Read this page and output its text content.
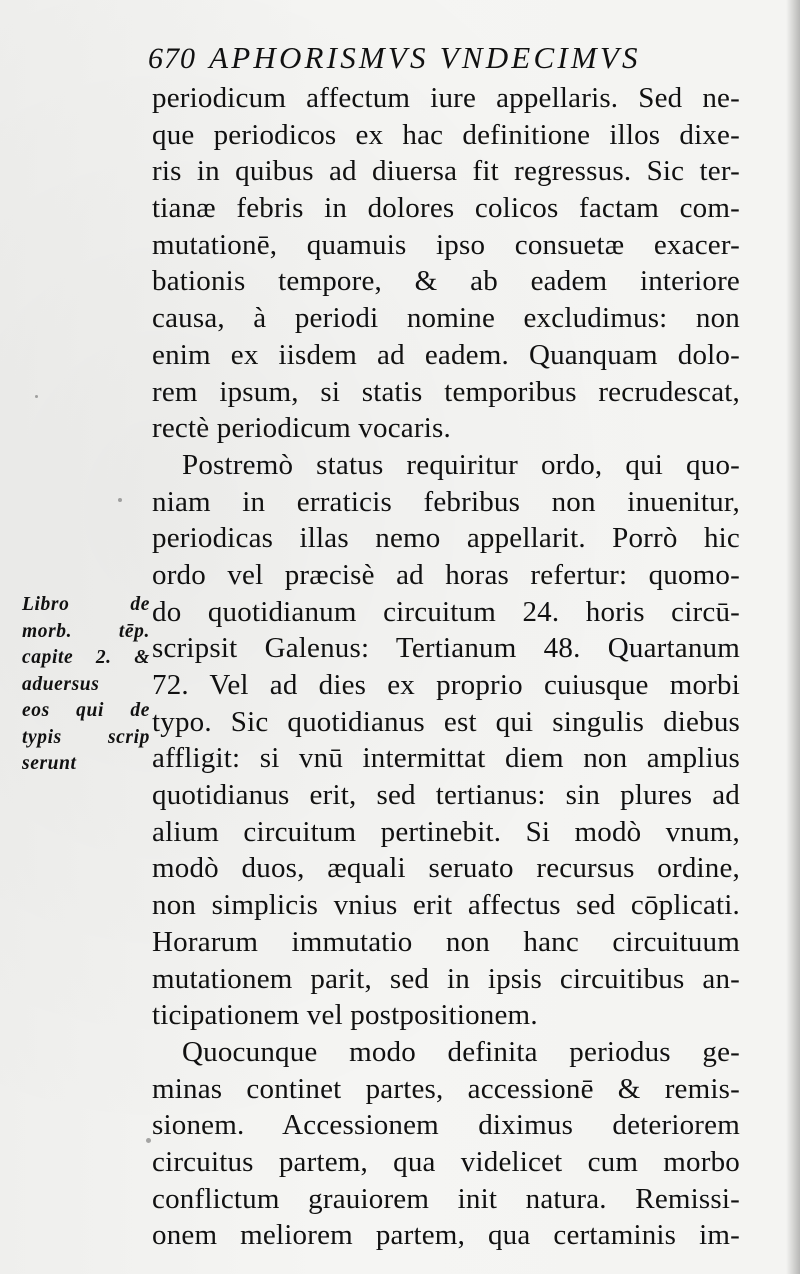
670 APHORISMVS VNDECIMVS
periodicum affectum iure appellaris. Sed ne-
que periodicos ex hac definitione illos dixe-
ris in quibus ad diuersa fit regressus. Sic ter-
tianæ febris in dolores colicos factam com-
mutationē, quamuis ipso consuetæ exacer-
bationis tempore, & ab eadem interiore
causa, à periodi nomine excludimus: non
enim ex iisdem ad eadem. Quanquam dolo-
rem ipsum, si statis temporibus recrudescat,
rectè periodicum vocaris.
Postremò status requiritur ordo, qui quo-
niam in erraticis febribus non inuenitur,
periodicas illas nemo appellarit. Porrò hic
ordo vel præcisè ad horas refertur: quomo-
do quotidianum circuitum 24. horis circū-
scripsit Galenus: Tertianum 48. Quartanum
72. Vel ad dies ex proprio cuiusque morbi
typo. Sic quotidianus est qui singulis diebus
affligit: si vnū intermittat diem non amplius
quotidianus erit, sed tertianus: sin plures ad
alium circuitum pertinebit. Si modò vnum,
modò duos, æquali seruato recursus ordine,
non simplicis vnius erit affectus sed cōplicati.
Horarum immutatio non hanc circuituum
mutationem parit, sed in ipsis circuitibus an-
ticipationem vel postpositionem.
Quocunque modo definita periodus ge-
minas continet partes, accessionē & remis-
sionem. Accessionem diximus deteriorem
circuitus partem, qua videlicet cum morbo
conflictum grauiorem init natura. Remissi-
onem meliorem partem, qua certaminis im-
Libro de
morb. tēp.
capite 2. &
aduersus
eos qui de
typis scrip
serunt
